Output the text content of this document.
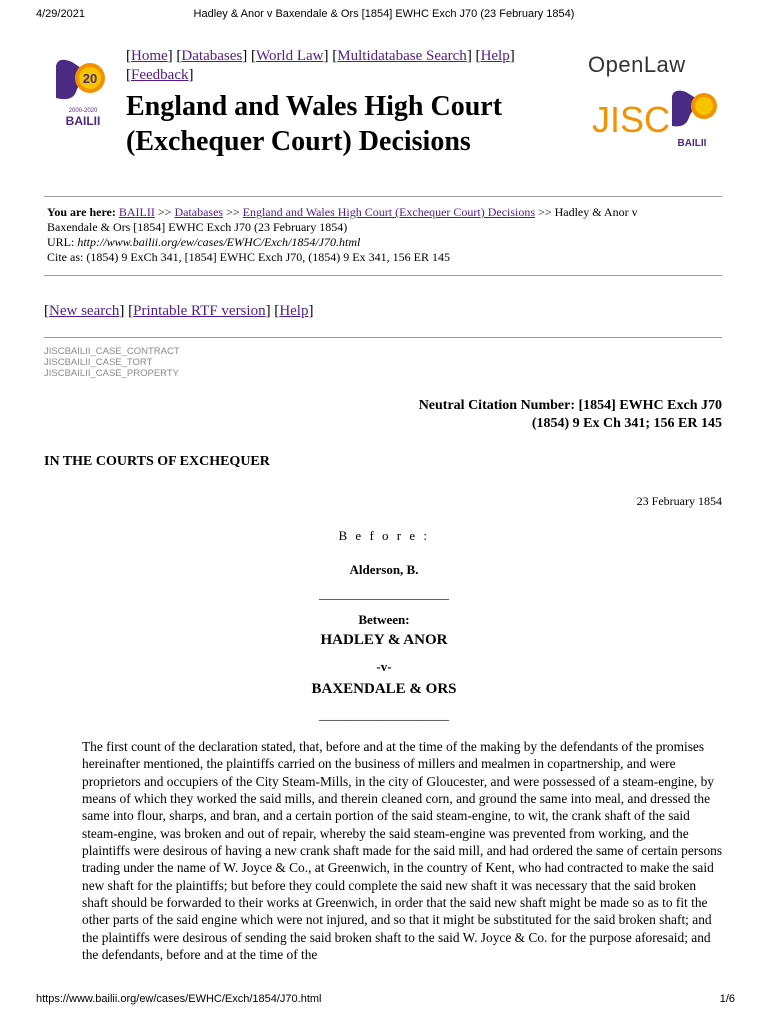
4/29/2021	Hadley & Anor v Baxendale & Ors [1854] EWHC Exch J70 (23 February 1854)
20
2000-2020
BAILII
[Home] [Databases] [World Law] [Multidatabase Search] [Help] [Feedback]
England and Wales High Court
(Exchequer Court) Decisions
OpenLaw
JISC
BAILII
You are here: BAILII >> Databases >> England and Wales High Court (Exchequer Court) Decisions >> Hadley & Anor v
Baxendale & Ors [1854] EWHC Exch J70 (23 February 1854)
URL: http://www.bailii.org/ew/cases/EWHC/Exch/1854/J70.html
Cite as: (1854) 9 ExCh 341, [1854] EWHC Exch J70, (1854) 9 Ex 341, 156 ER 145
[New search] [Printable RTF version] [Help]
JISCBAILII_CASE_CONTRACT
JISCBAILII_CASE_TORT
JISCBAILII_CASE_PROPERTY
Neutral Citation Number: [1854] EWHC Exch J70
(1854) 9 Ex Ch 341; 156 ER 145
IN THE COURTS OF EXCHEQUER
23 February 1854
B e f o r e :
Alderson, B.
____________________
Between:
HADLEY & ANOR
-v-
BAXENDALE & ORS
____________________
The first count of the declaration stated, that, before and at the time of the making by the defendants of the promises hereinafter mentioned, the plaintiffs carried on the business of millers and mealmen in copartnership, and were proprietors and occupiers of the City Steam-Mills, in the city of Gloucester, and were possessed of a steam-engine, by means of which they worked the said mills, and therein cleaned corn, and ground the same into meal, and dressed the same into flour, sharps, and bran, and a certain portion of the said steam-engine, to wit, the crank shaft of the said steam-engine, was broken and out of repair, whereby the said steam-engine was prevented from working, and the plaintiffs were desirous of having a new crank shaft made for the said mill, and had ordered the same of certain persons trading under the name of W. Joyce & Co., at Greenwich, in the country of Kent, who had contracted to make the said new shaft for the plaintiffs; but before they could complete the said new shaft it was necessary that the said broken shaft should be forwarded to their works at Greenwich, in order that the said new shaft might be made so as to fit the other parts of the said engine which were not injured, and so that it might be substituted for the said broken shaft; and the plaintiffs were desirous of sending the said broken shaft to the said W. Joyce & Co. for the purpose aforesaid; and the defendants, before and at the time of the
https://www.bailii.org/ew/cases/EWHC/Exch/1854/J70.html	1/6
